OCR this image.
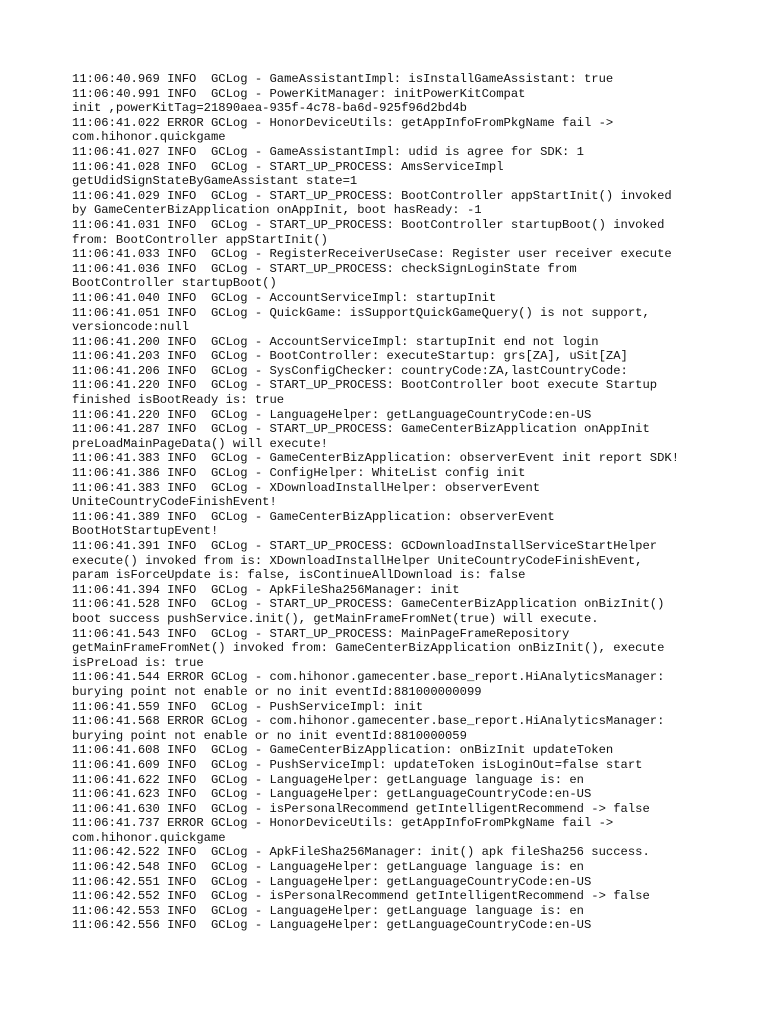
11:06:40.969 INFO  GCLog - GameAssistantImpl: isInstallGameAssistant: true
11:06:40.991 INFO  GCLog - PowerKitManager: initPowerKitCompat
init ,powerKitTag=21890aea-935f-4c78-ba6d-925f96d2bd4b
11:06:41.022 ERROR GCLog - HonorDeviceUtils: getAppInfoFromPkgName fail ->
com.hihonor.quickgame
11:06:41.027 INFO  GCLog - GameAssistantImpl: udid is agree for SDK: 1
11:06:41.028 INFO  GCLog - START_UP_PROCESS: AmsServiceImpl
getUdidSignStateByGameAssistant state=1
11:06:41.029 INFO  GCLog - START_UP_PROCESS: BootController appStartInit() invoked
by GameCenterBizApplication onAppInit, boot hasReady: -1
11:06:41.031 INFO  GCLog - START_UP_PROCESS: BootController startupBoot() invoked
from: BootController appStartInit()
11:06:41.033 INFO  GCLog - RegisterReceiverUseCase: Register user receiver execute
11:06:41.036 INFO  GCLog - START_UP_PROCESS: checkSignLoginState from
BootController startupBoot()
11:06:41.040 INFO  GCLog - AccountServiceImpl: startupInit
11:06:41.051 INFO  GCLog - QuickGame: isSupportQuickGameQuery() is not support,
versioncode:null
11:06:41.200 INFO  GCLog - AccountServiceImpl: startupInit end not login
11:06:41.203 INFO  GCLog - BootController: executeStartup: grs[ZA], uSit[ZA]
11:06:41.206 INFO  GCLog - SysConfigChecker: countryCode:ZA,lastCountryCode:
11:06:41.220 INFO  GCLog - START_UP_PROCESS: BootController boot execute Startup
finished isBootReady is: true
11:06:41.220 INFO  GCLog - LanguageHelper: getLanguageCountryCode:en-US
11:06:41.287 INFO  GCLog - START_UP_PROCESS: GameCenterBizApplication onAppInit
preLoadMainPageData() will execute!
11:06:41.383 INFO  GCLog - GameCenterBizApplication: observerEvent init report SDK!
11:06:41.386 INFO  GCLog - ConfigHelper: WhiteList config init
11:06:41.383 INFO  GCLog - XDownloadInstallHelper: observerEvent
UniteCountryCodeFinishEvent!
11:06:41.389 INFO  GCLog - GameCenterBizApplication: observerEvent
BootHotStartupEvent!
11:06:41.391 INFO  GCLog - START_UP_PROCESS: GCDownloadInstallServiceStartHelper
execute() invoked from is: XDownloadInstallHelper UniteCountryCodeFinishEvent,
param isForceUpdate is: false, isContinueAllDownload is: false
11:06:41.394 INFO  GCLog - ApkFileSha256Manager: init
11:06:41.528 INFO  GCLog - START_UP_PROCESS: GameCenterBizApplication onBizInit()
boot success pushService.init(), getMainFrameFromNet(true) will execute.
11:06:41.543 INFO  GCLog - START_UP_PROCESS: MainPageFrameRepository
getMainFrameFromNet() invoked from: GameCenterBizApplication onBizInit(), execute
isPreLoad is: true
11:06:41.544 ERROR GCLog - com.hihonor.gamecenter.base_report.HiAnalyticsManager:
burying point not enable or no init eventId:881000000099
11:06:41.559 INFO  GCLog - PushServiceImpl: init
11:06:41.568 ERROR GCLog - com.hihonor.gamecenter.base_report.HiAnalyticsManager:
burying point not enable or no init eventId:8810000059
11:06:41.608 INFO  GCLog - GameCenterBizApplication: onBizInit updateToken
11:06:41.609 INFO  GCLog - PushServiceImpl: updateToken isLoginOut=false start
11:06:41.622 INFO  GCLog - LanguageHelper: getLanguage language is: en
11:06:41.623 INFO  GCLog - LanguageHelper: getLanguageCountryCode:en-US
11:06:41.630 INFO  GCLog - isPersonalRecommend getIntelligentRecommend -> false
11:06:41.737 ERROR GCLog - HonorDeviceUtils: getAppInfoFromPkgName fail ->
com.hihonor.quickgame
11:06:42.522 INFO  GCLog - ApkFileSha256Manager: init() apk fileSha256 success.
11:06:42.548 INFO  GCLog - LanguageHelper: getLanguage language is: en
11:06:42.551 INFO  GCLog - LanguageHelper: getLanguageCountryCode:en-US
11:06:42.552 INFO  GCLog - isPersonalRecommend getIntelligentRecommend -> false
11:06:42.553 INFO  GCLog - LanguageHelper: getLanguage language is: en
11:06:42.556 INFO  GCLog - LanguageHelper: getLanguageCountryCode:en-US
